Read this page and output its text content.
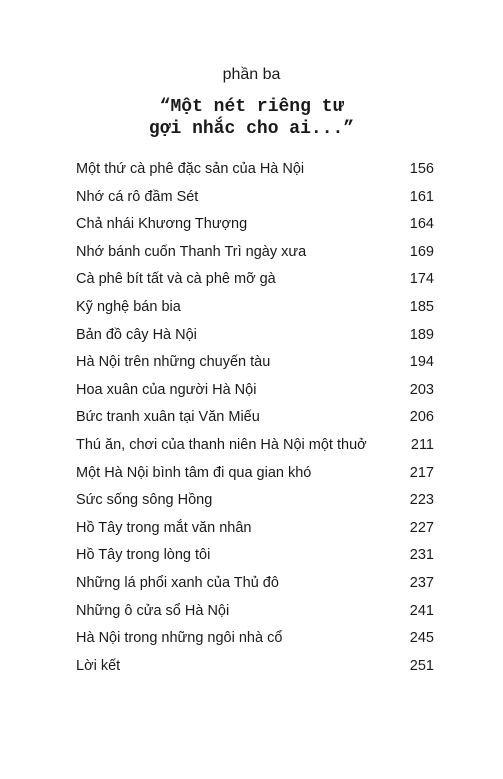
phần ba
“Một nét riêng tư
gợi nhắc cho ai...”
Một thứ cà phê đặc sản của Hà Nội	156
Nhớ cá rô đầm Sét	161
Chả nhái Khương Thượng	164
Nhớ bánh cuốn Thanh Trì ngày xưa	169
Cà phê bít tất và cà phê mỡ gà	174
Kỹ nghệ bán bia	185
Bản đồ cây Hà Nội	189
Hà Nội trên những chuyến tàu	194
Hoa xuân của người Hà Nội	203
Bức tranh xuân tại Văn Miếu	206
Thú ăn, chơi của thanh niên Hà Nội một thuở	211
Một Hà Nội bình tâm đi qua gian khó	217
Sức sống sông Hồng	223
Hồ Tây trong mắt văn nhân	227
Hồ Tây trong lòng tôi	231
Những lá phổi xanh của Thủ đô	237
Những ô cửa sổ Hà Nội	241
Hà Nội trong những ngôi nhà cổ	245
Lời kết	251
